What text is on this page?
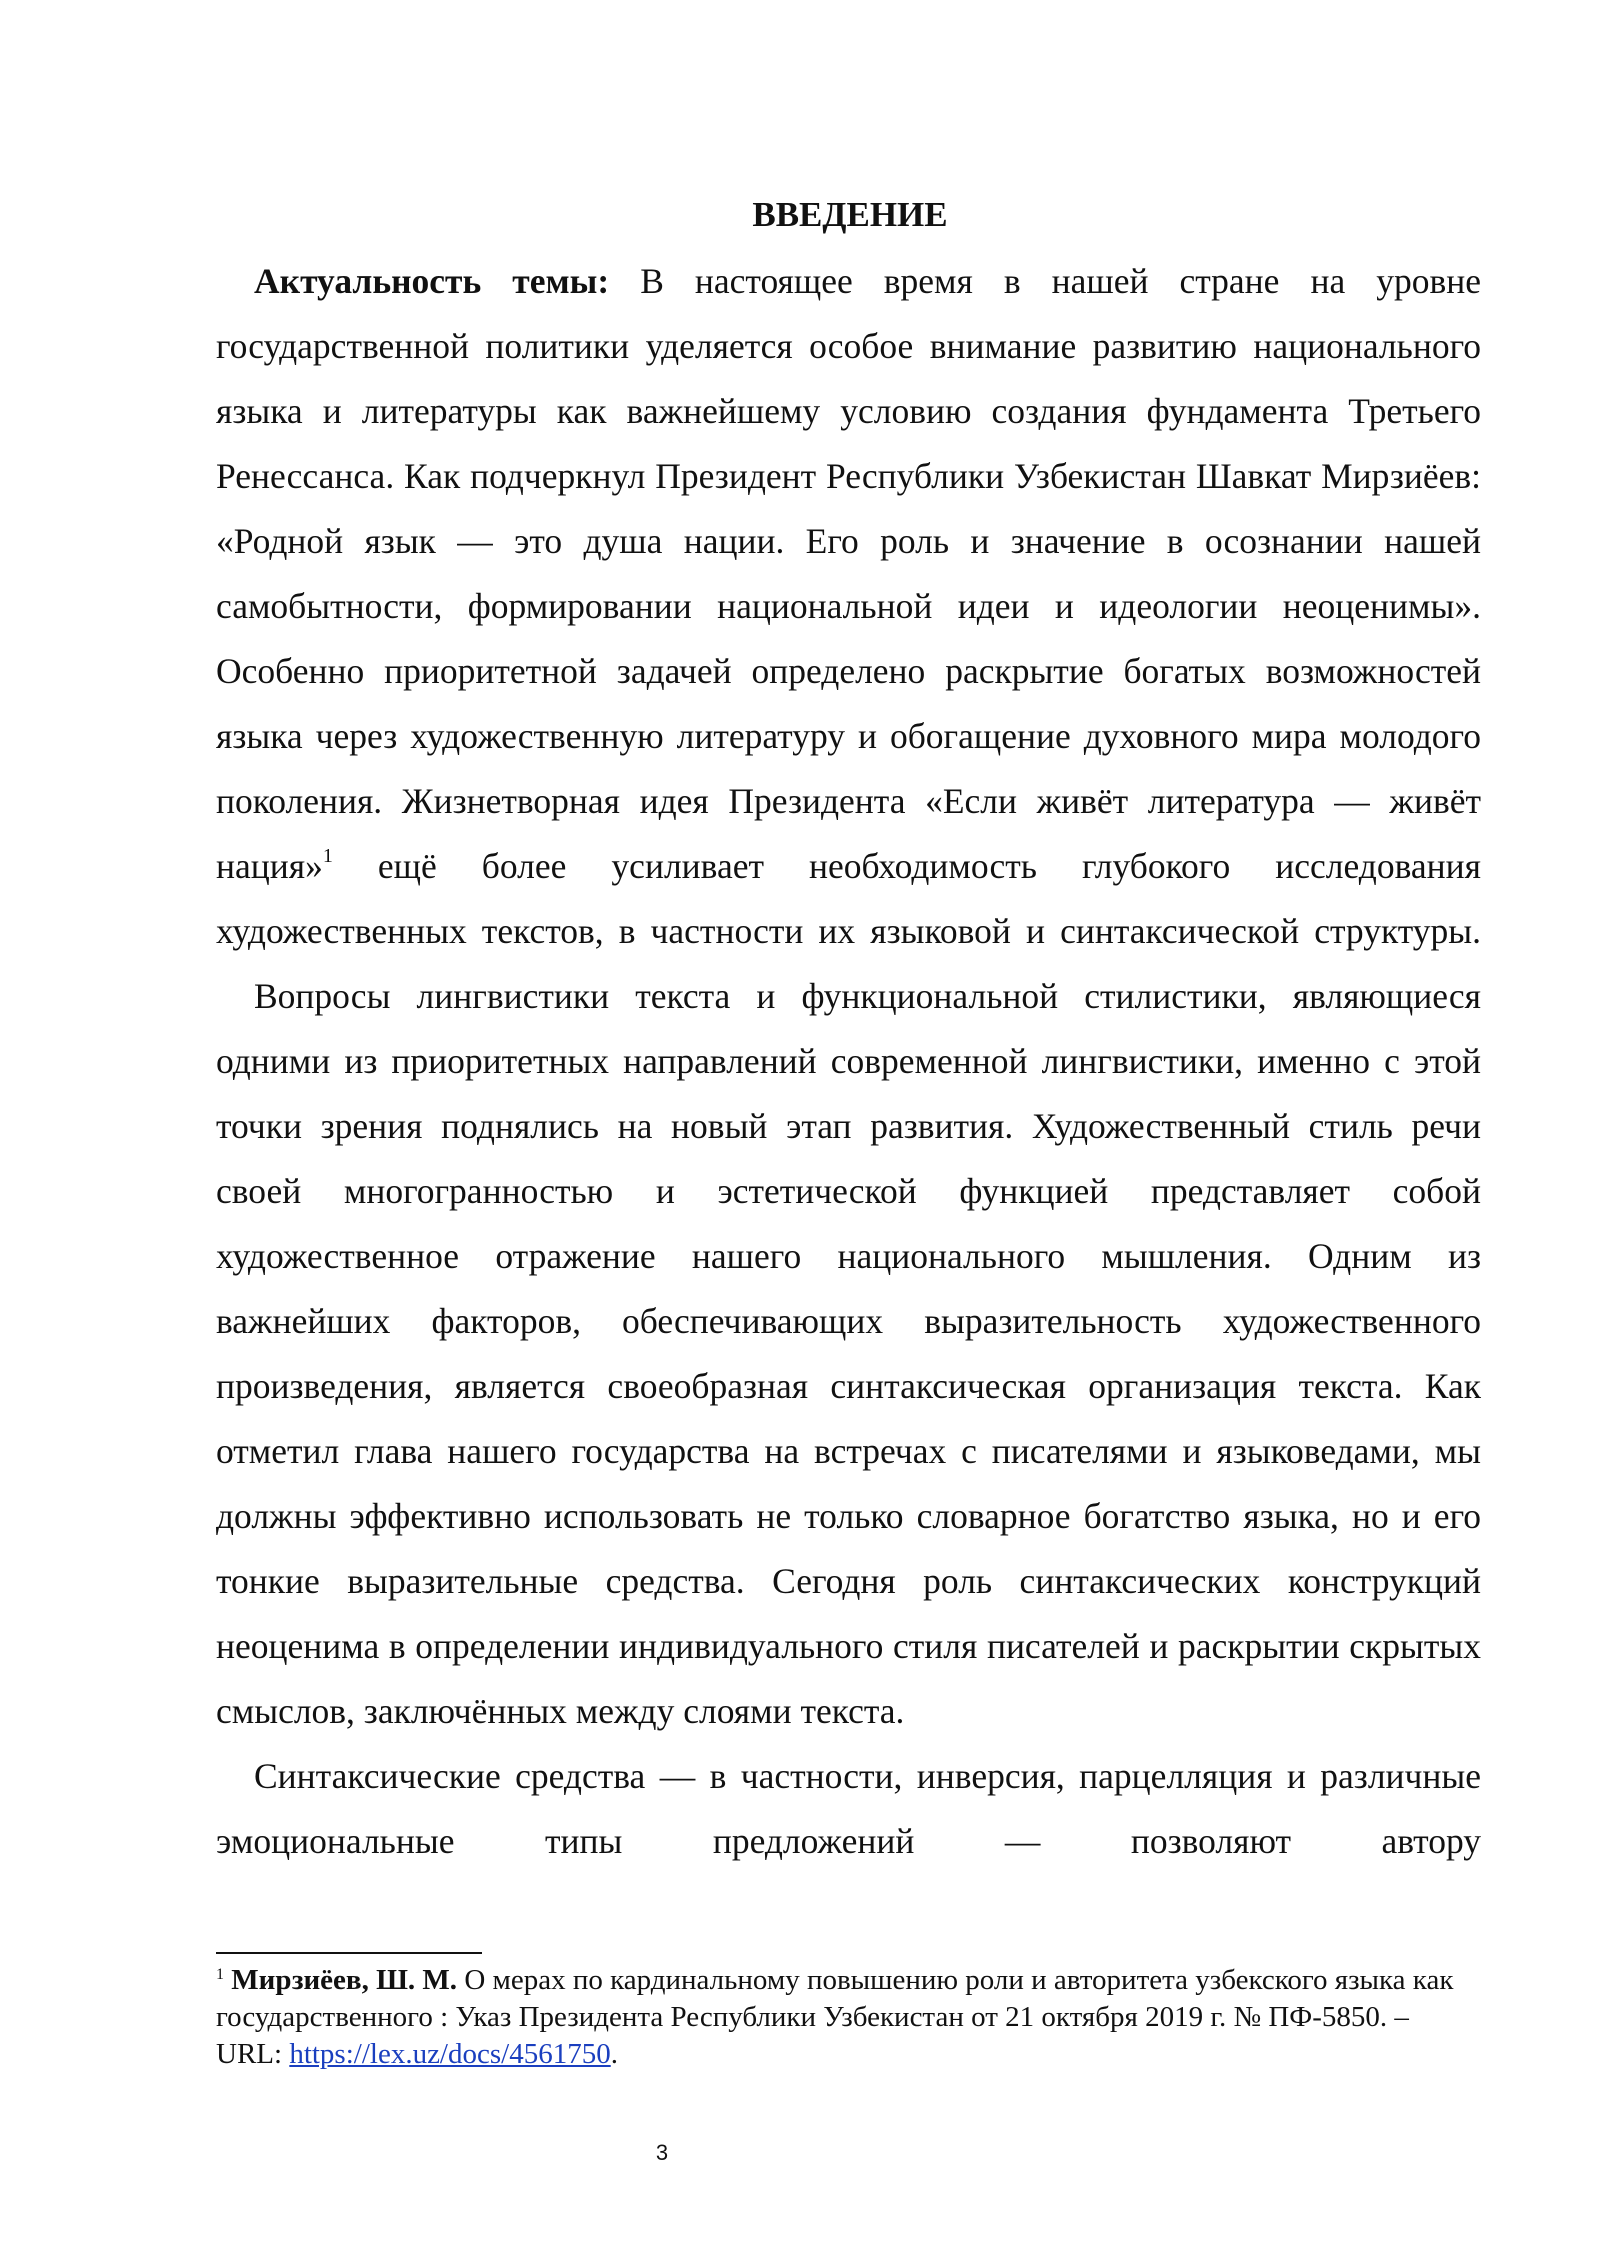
ВВЕДЕНИЕ

Актуальность темы: В настоящее время в нашей стране на уровне государственной политики уделяется особое внимание развитию национального языка и литературы как важнейшему условию создания фундамента Третьего Ренессанса. Как подчеркнул Президент Республики Узбекистан Шавкат Мирзиёев: «Родной язык — это душа нации. Его роль и значение в осознании нашей самобытности, формировании национальной идеи и идеологии неоценимы». Особенно приоритетной задачей определено раскрытие богатых возможностей языка через художественную литературу и обогащение духовного мира молодого поколения. Жизнетворная идея Президента «Если живёт литература — живёт нация»$^1$ ещё более усиливает необходимость глубокого исследования художественных текстов, в частности их языковой и синтаксической структуры.

Вопросы лингвистики текста и функциональной стилистики, являющиеся одними из приоритетных направлений современной лингвистики, именно с этой точки зрения поднялись на новый этап развития. Художественный стиль речи своей многогранностью и эстетической функцией представляет собой художественное отражение нашего национального мышления. Одним из важнейших факторов, обеспечивающих выразительность художественного произведения, является своеобразная синтаксическая организация текста. Как отметил глава нашего государства на встречах с писателями и языковедами, мы должны эффективно использовать не только словарное богатство языка, но и его тонкие выразительные средства. Сегодня роль синтаксических конструкций неоценима в определении индивидуального стиля писателей и раскрытии скрытых смыслов, заключённых между слоями текста.

Синтаксические средства — в частности, инверсия, парцелляция и различные эмоциональные типы предложений — позволяют автору

$^1$ Мирзиёев, Ш. М. О мерах по кардинальному повышению роли и авторитета узбекского языка как государственного : Указ Президента Республики Узбекистан от 21 октября 2019 г. № ПФ-5850. – URL: https://lex.uz/docs/4561750.

3
